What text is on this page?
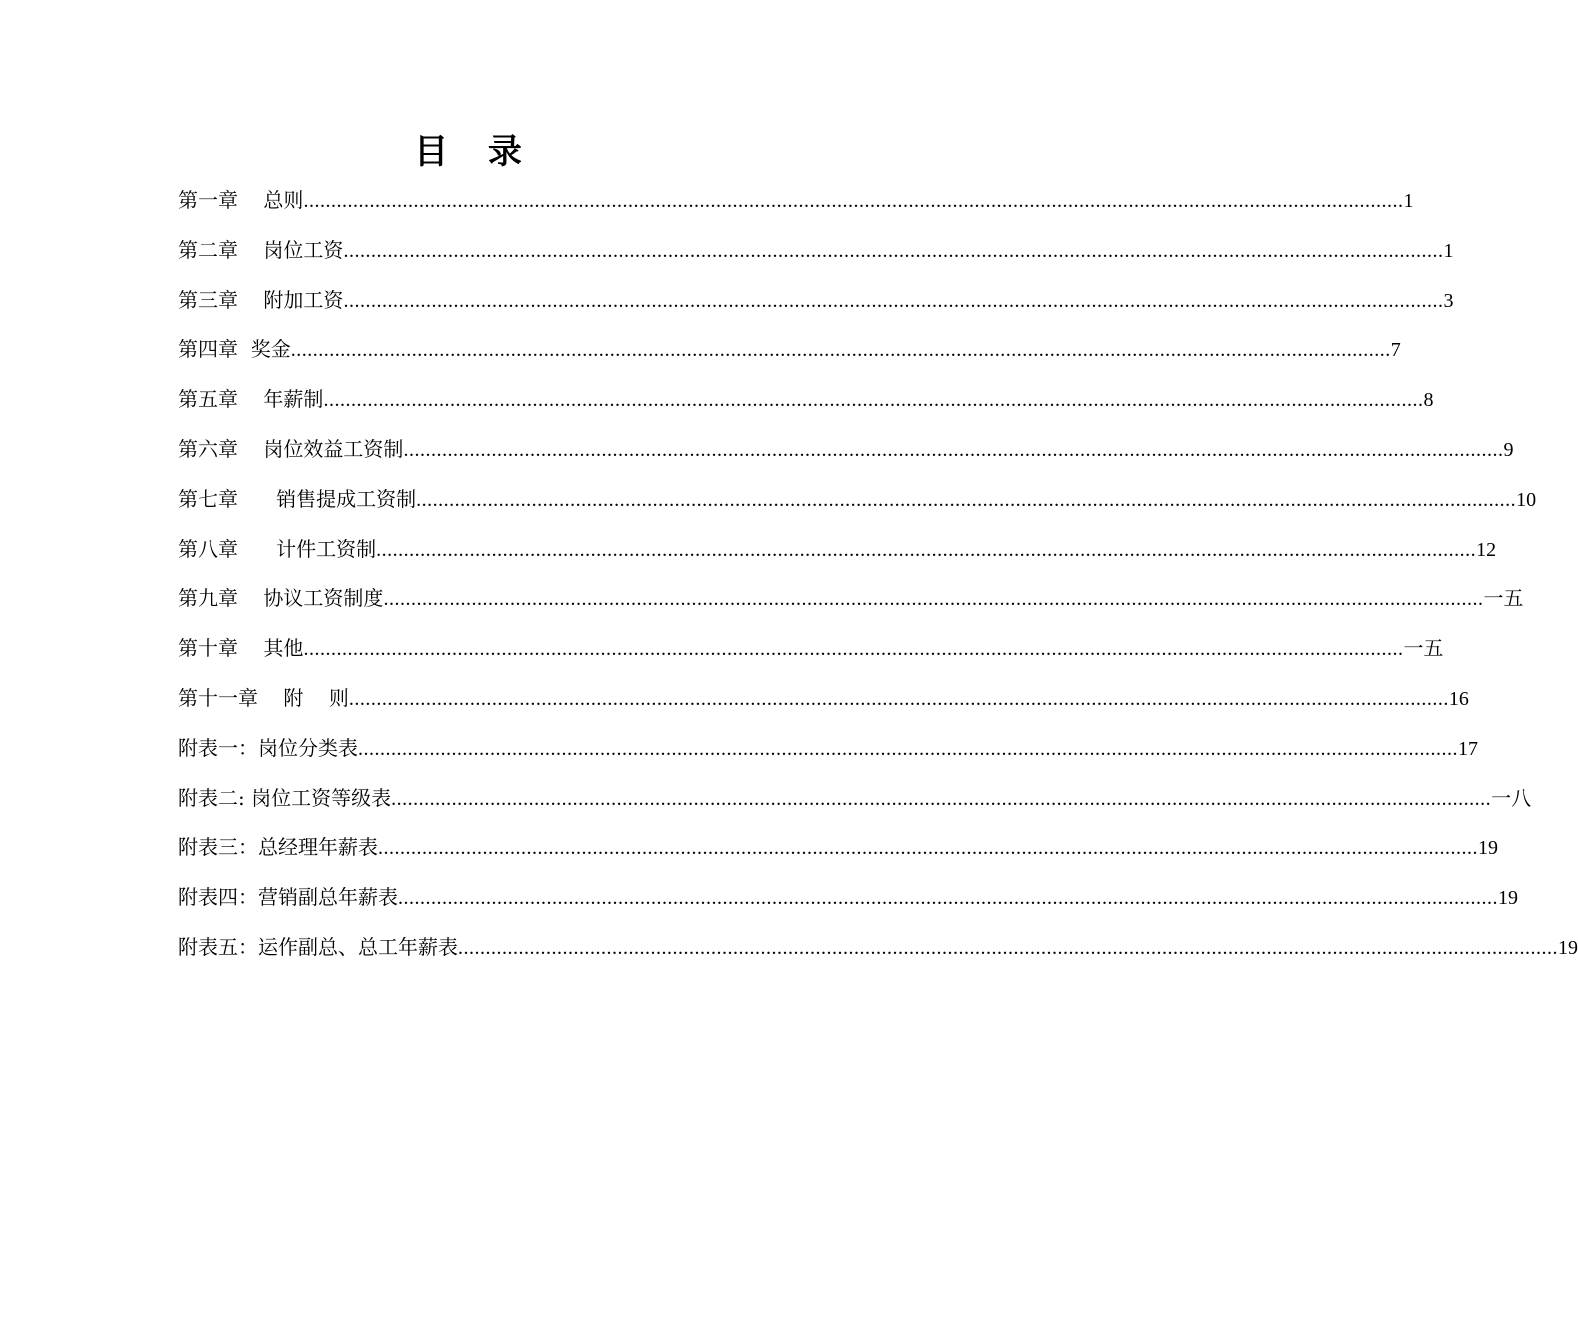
目 录
第一章    总则 ........................................................................................................................................................................................................ 1
第二章    岗位工资 ........................................................................................................................................................................................................ 1
第三章    附加工资 ........................................................................................................................................................................................................ 3
第四章  奖金 ........................................................................................................................................................................................................ 7
第五章    年薪制 ........................................................................................................................................................................................................ 8
第六章    岗位效益工资制 ........................................................................................................................................................................................................ 9
第七章      销售提成工资制 ........................................................................................................................................................................................................ 10
第八章      计件工资制 ........................................................................................................................................................................................................ 12
第九章    协议工资制度 ........................................................................................................................................................................................................ 一五
第十章    其他 ........................................................................................................................................................................................................ 一五
第十一章    附    则 ........................................................................................................................................................................................................ 16
附表一：岗位分类表 ........................................................................................................................................................................................................ 17
附表二: 岗位工资等级表 ........................................................................................................................................................................................................ 一八
附表三：总经理年薪表 ........................................................................................................................................................................................................ 19
附表四：营销副总年薪表 ........................................................................................................................................................................................................ 19
附表五：运作副总、总工年薪表 ........................................................................................................................................................................................................ 19
